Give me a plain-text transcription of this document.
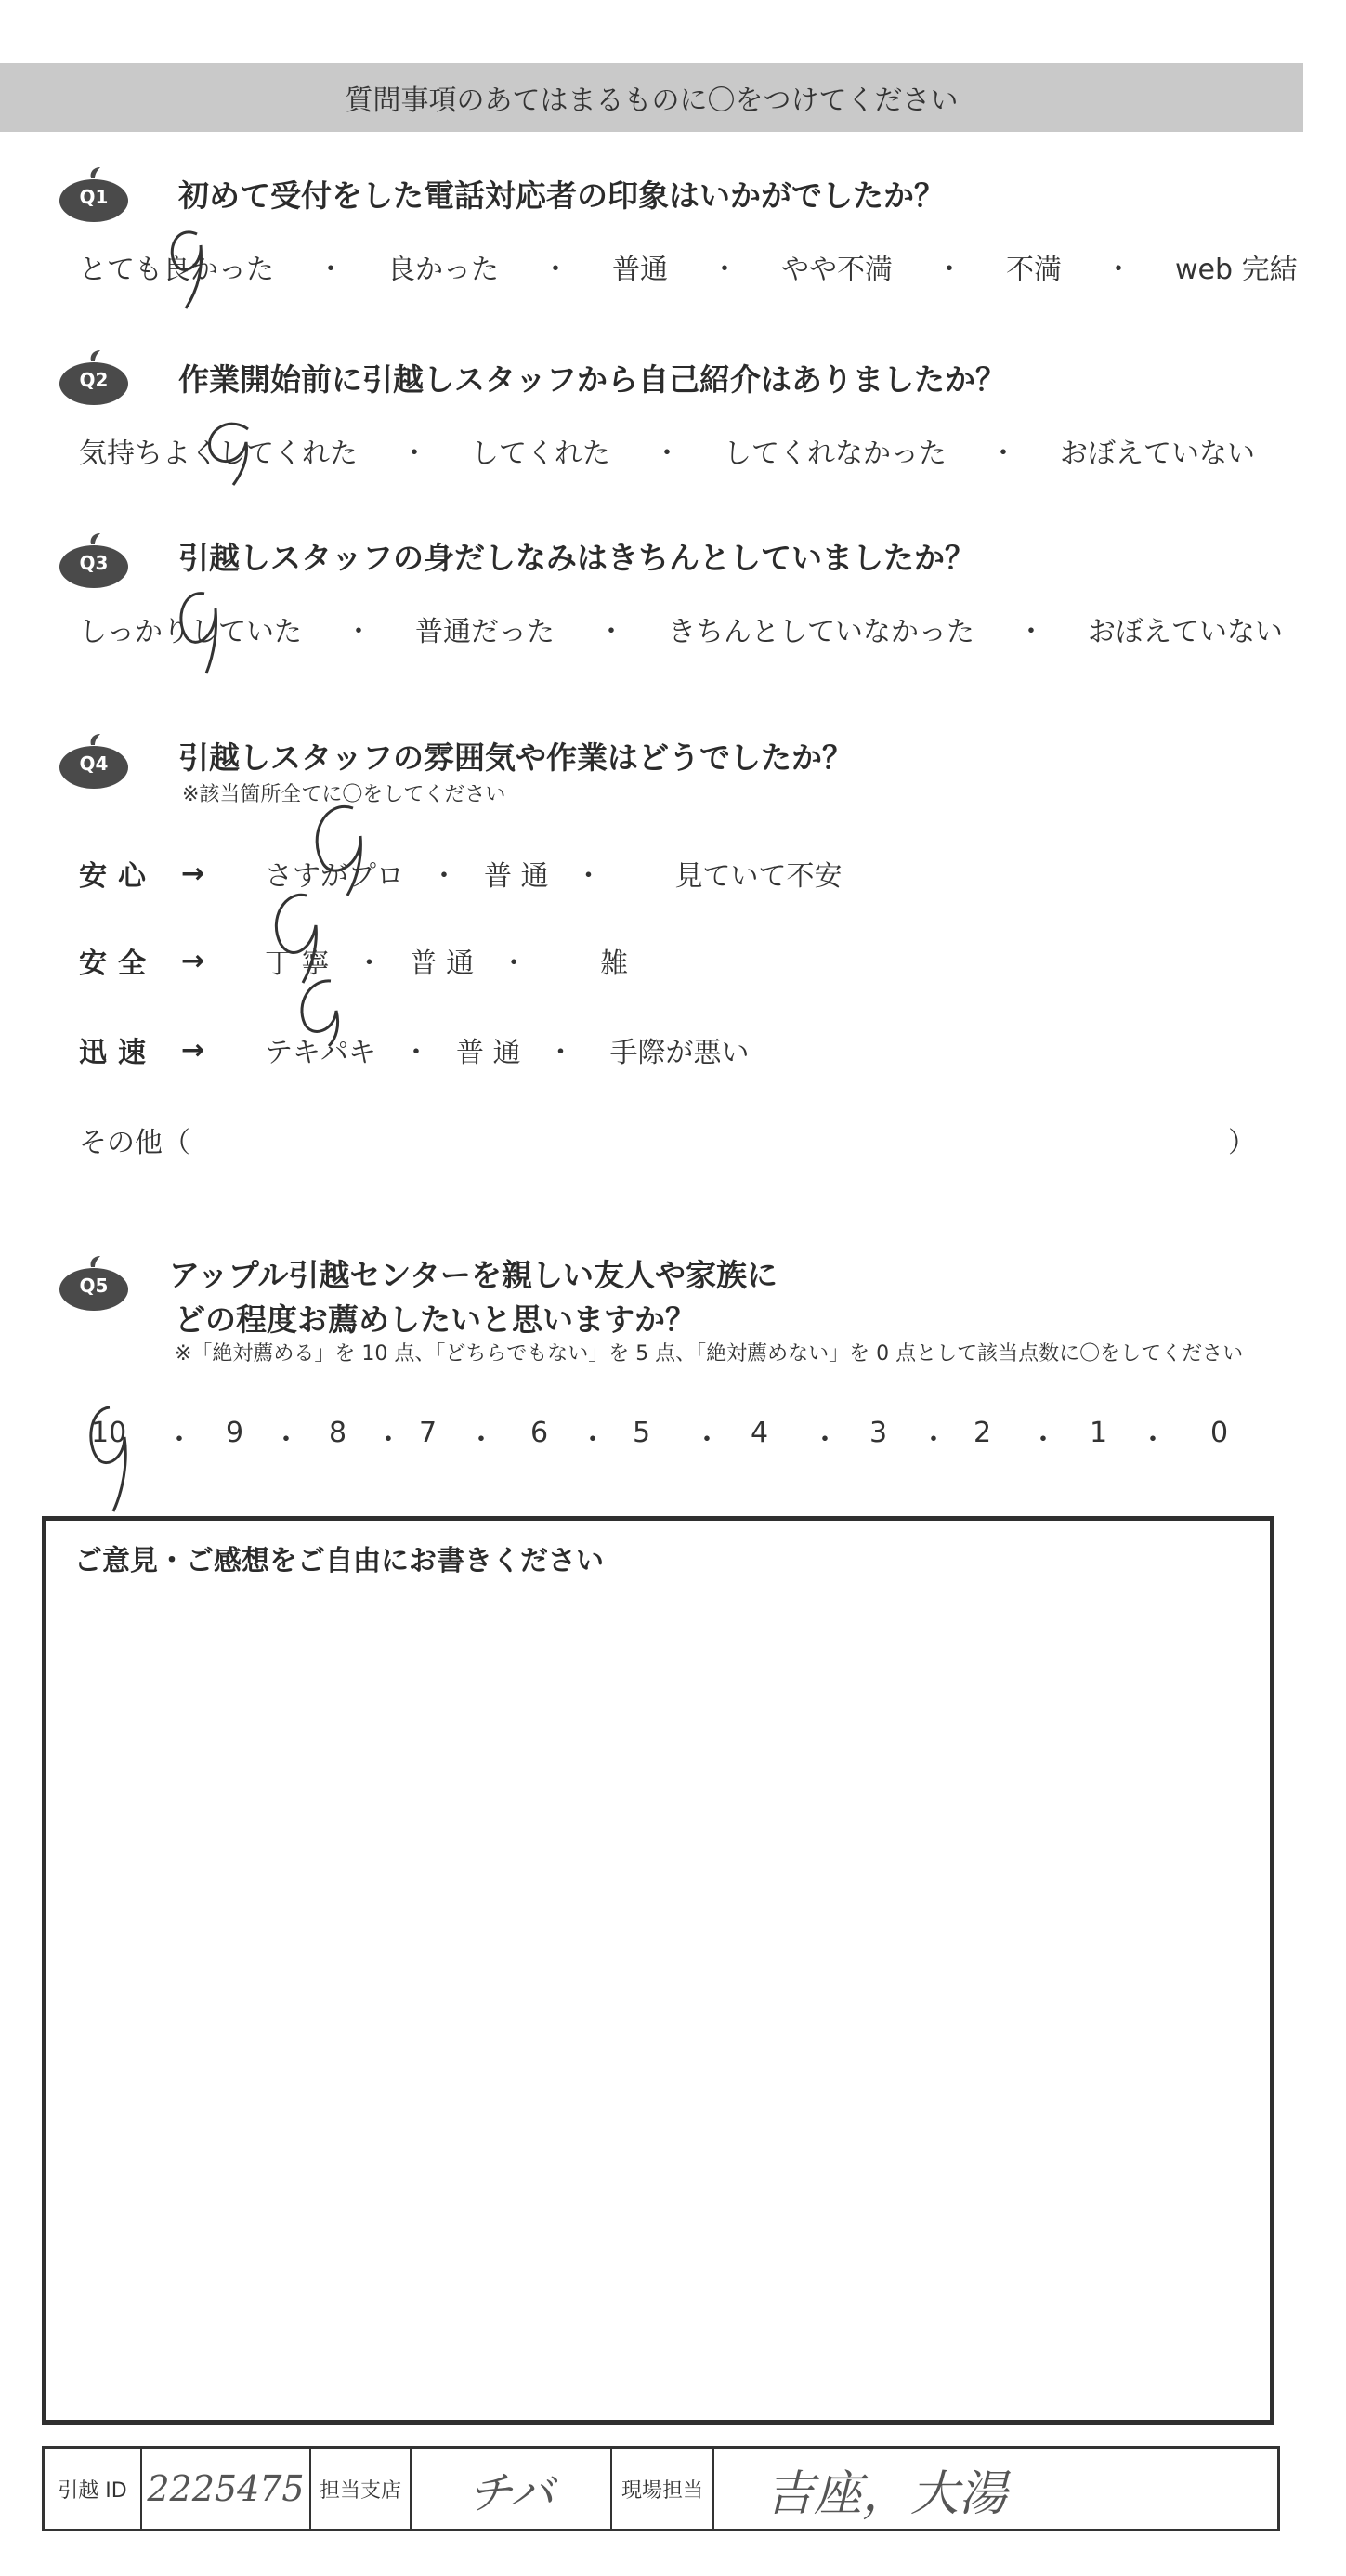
質問事項のあてはまるものに〇をつけてください
Q1	初めて受付をした電話対応者の印象はいかがでしたか？
とても良かった ・ 良かった ・ 普通 ・ やや不満 ・ 不満 ・ web 完結
Q2	作業開始前に引越しスタッフから自己紹介はありましたか？
気持ちよくしてくれた ・ してくれた ・ してくれなかった ・ おぼえていない
Q3	引越しスタッフの身だしなみはきちんとしていましたか？
しっかりしていた ・ 普通だった ・ きちんとしていなかった ・ おぼえていない
Q4	引越しスタッフの雰囲気や作業はどうでしたか？
※該当箇所全てに〇をしてください
安心 →	さすがプロ ・ 普 通 ・	見ていて不安
安全 →	丁 寧 ・ 普 通 ・	雑
迅速 →	テキパキ ・ 普 通 ・ 手際が悪い
その他（	）
Q5	アップル引越センターを親しい友人や家族に
どの程度お薦めしたいと思いますか？
※「絶対薦める」を 10 点、「どちらでもない」を 5 点、「絶対薦めない」を 0 点として該当点数に〇をしてください
10 ・ 9 ・ 8 ・ 7 ・ 6 ・ 5 ・ 4 ・ 3 ・ 2 ・ 1 ・ 0
ご意見・ご感想をご自由にお書きください
引越 ID 2225475 担当支店	チバ	現場担当	吉座，大湯
